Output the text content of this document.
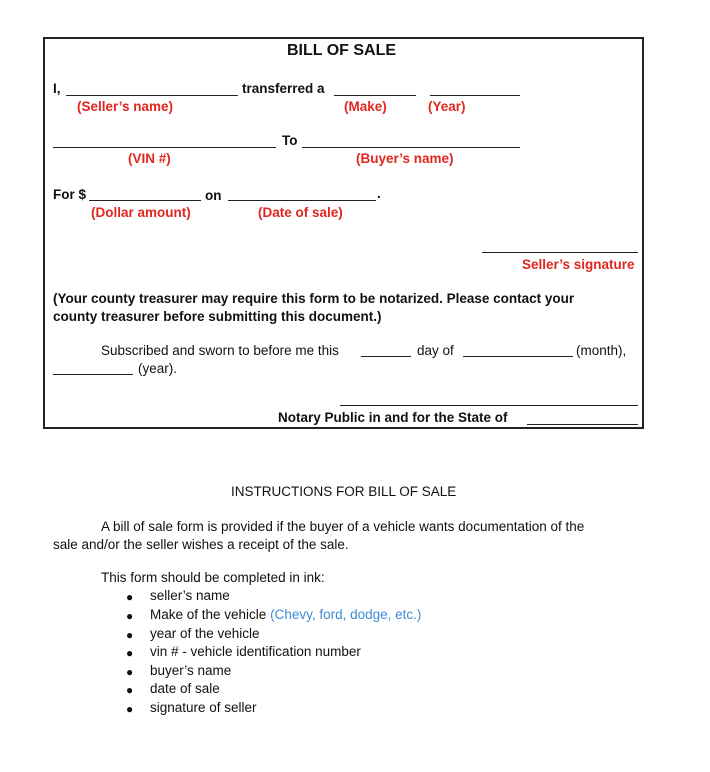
BILL OF SALE
I,	transferred a
(Seller’s name)	(Make)	(Year)
To
(VIN #)	(Buyer’s name)
For $	on	.
(Dollar amount)	(Date of sale)
Seller’s signature
(Your county treasurer may require this form to be notarized. Please contact your
county treasurer before submitting this document.)
Subscribed and sworn to before me this	day of	(month),
(year).
Notary Public in and for the State of
INSTRUCTIONS FOR BILL OF SALE
A bill of sale form is provided if the buyer of a vehicle wants documentation of the
sale and/or the seller wishes a receipt of the sale.
This form should be completed in ink:
● seller’s name
● Make of the vehicle (Chevy, ford, dodge, etc.)
● year of the vehicle
● vin # - vehicle identification number
● buyer’s name
● date of sale
● signature of seller
